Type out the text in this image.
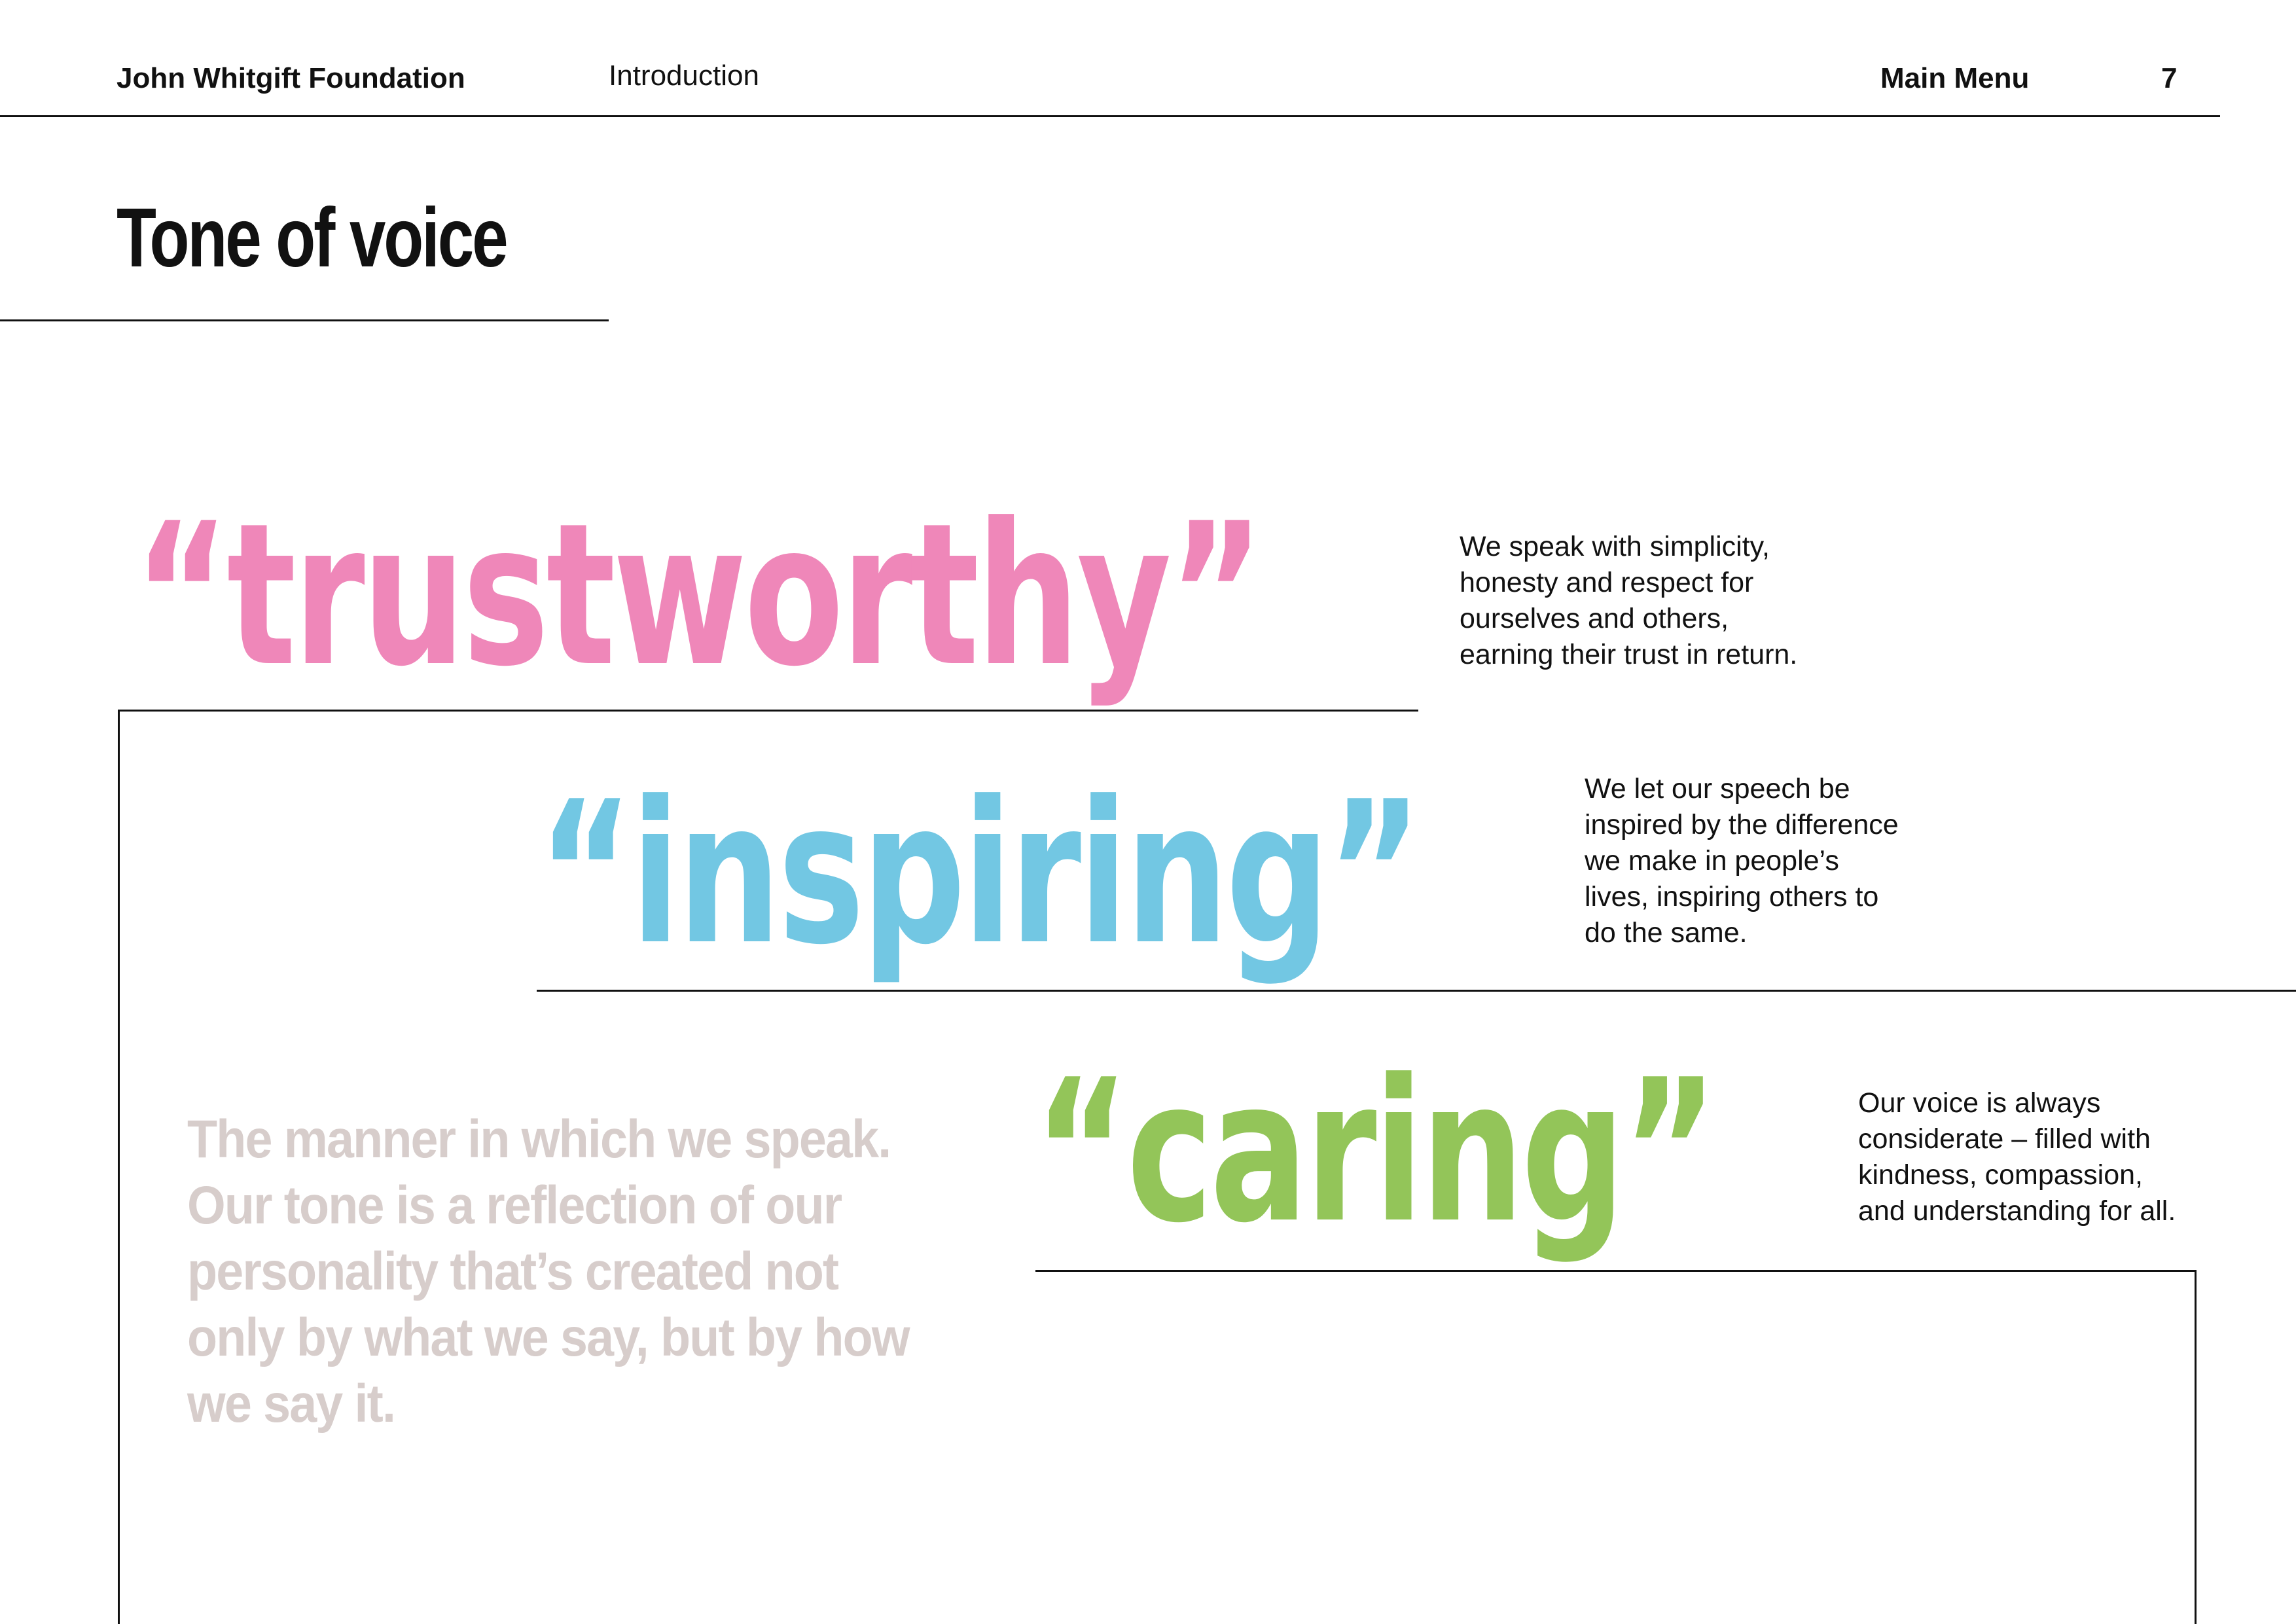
John Whitgift Foundation	Introduction	Main Menu	7
Tone of voice
“trustworthy”	We speak with simplicity,
honesty and respect for
ourselves and others,
earning their trust in return.
“inspiring”	We let our speech be
inspired by the difference
we make in people’s
lives, inspiring others to
do the same.
“caring”	Our voice is always
considerate – filled with
kindness, compassion,
and understanding for all.
The manner in which we speak. Our tone is a reflection of our personality that’s created not only by what we say, but by how we say it.
